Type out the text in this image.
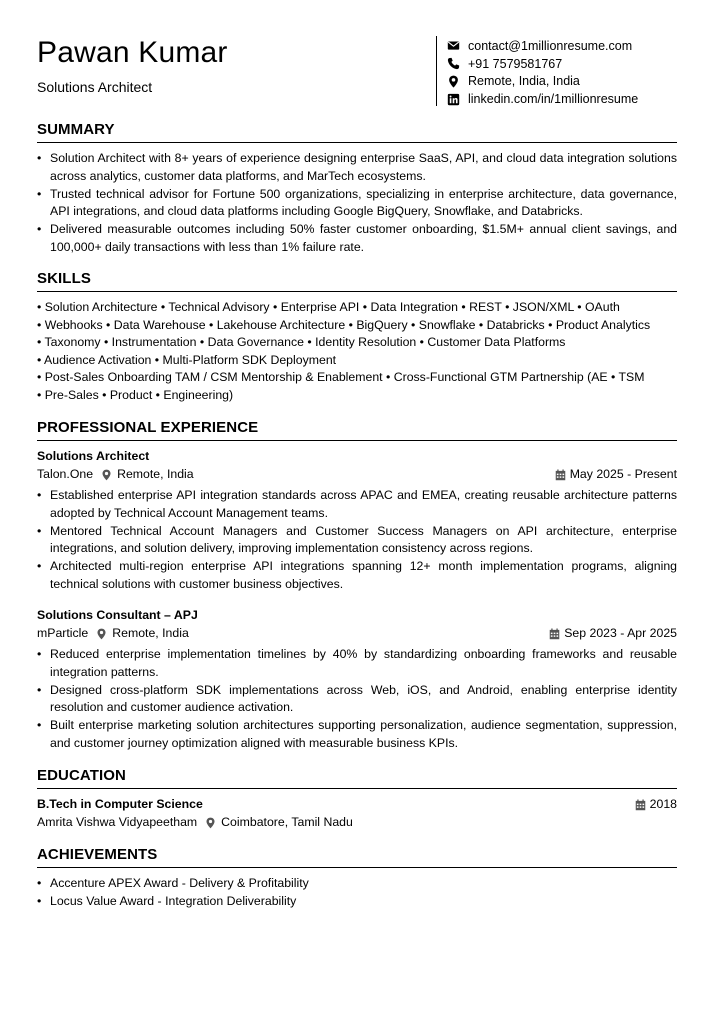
Pawan Kumar
Solutions Architect
contact@1millionresume.com
+91 7579581767
Remote, India, India
linkedin.com/in/1millionresume
SUMMARY
• Solution Architect with 8+ years of experience designing enterprise SaaS, API, and cloud data integration solutions across analytics, customer data platforms, and MarTech ecosystems.
• Trusted technical advisor for Fortune 500 organizations, specializing in enterprise architecture, data governance, API integrations, and cloud data platforms including Google BigQuery, Snowflake, and Databricks.
• Delivered measurable outcomes including 50% faster customer onboarding, $1.5M+ annual client savings, and 100,000+ daily transactions with less than 1% failure rate.
SKILLS
• Solution Architecture • Technical Advisory • Enterprise API • Data Integration • REST • JSON/XML • OAuth
• Webhooks • Data Warehouse • Lakehouse Architecture • BigQuery • Snowflake • Databricks • Product Analytics
• Taxonomy • Instrumentation • Data Governance • Identity Resolution • Customer Data Platforms
• Audience Activation • Multi-Platform SDK Deployment
• Post-Sales Onboarding TAM / CSM Mentorship & Enablement • Cross-Functional GTM Partnership (AE • TSM
• Pre-Sales • Product • Engineering)
PROFESSIONAL EXPERIENCE
Solutions Architect
Talon.One Remote, India	May 2025 - Present
• Established enterprise API integration standards across APAC and EMEA, creating reusable architecture patterns adopted by Technical Account Management teams.
• Mentored Technical Account Managers and Customer Success Managers on API architecture, enterprise integrations, and solution delivery, improving implementation consistency across regions.
• Architected multi-region enterprise API integrations spanning 12+ month implementation programs, aligning technical solutions with customer business objectives.
Solutions Consultant – APJ
mParticle Remote, India	Sep 2023 - Apr 2025
• Reduced enterprise implementation timelines by 40% by standardizing onboarding frameworks and reusable integration patterns.
• Designed cross-platform SDK implementations across Web, iOS, and Android, enabling enterprise identity resolution and customer audience activation.
• Built enterprise marketing solution architectures supporting personalization, audience segmentation, suppression, and customer journey optimization aligned with measurable business KPIs.
EDUCATION
B.Tech in Computer Science	2018
Amrita Vishwa Vidyapeetham Coimbatore, Tamil Nadu
ACHIEVEMENTS
• Accenture APEX Award - Delivery & Profitability
• Locus Value Award - Integration Deliverability
